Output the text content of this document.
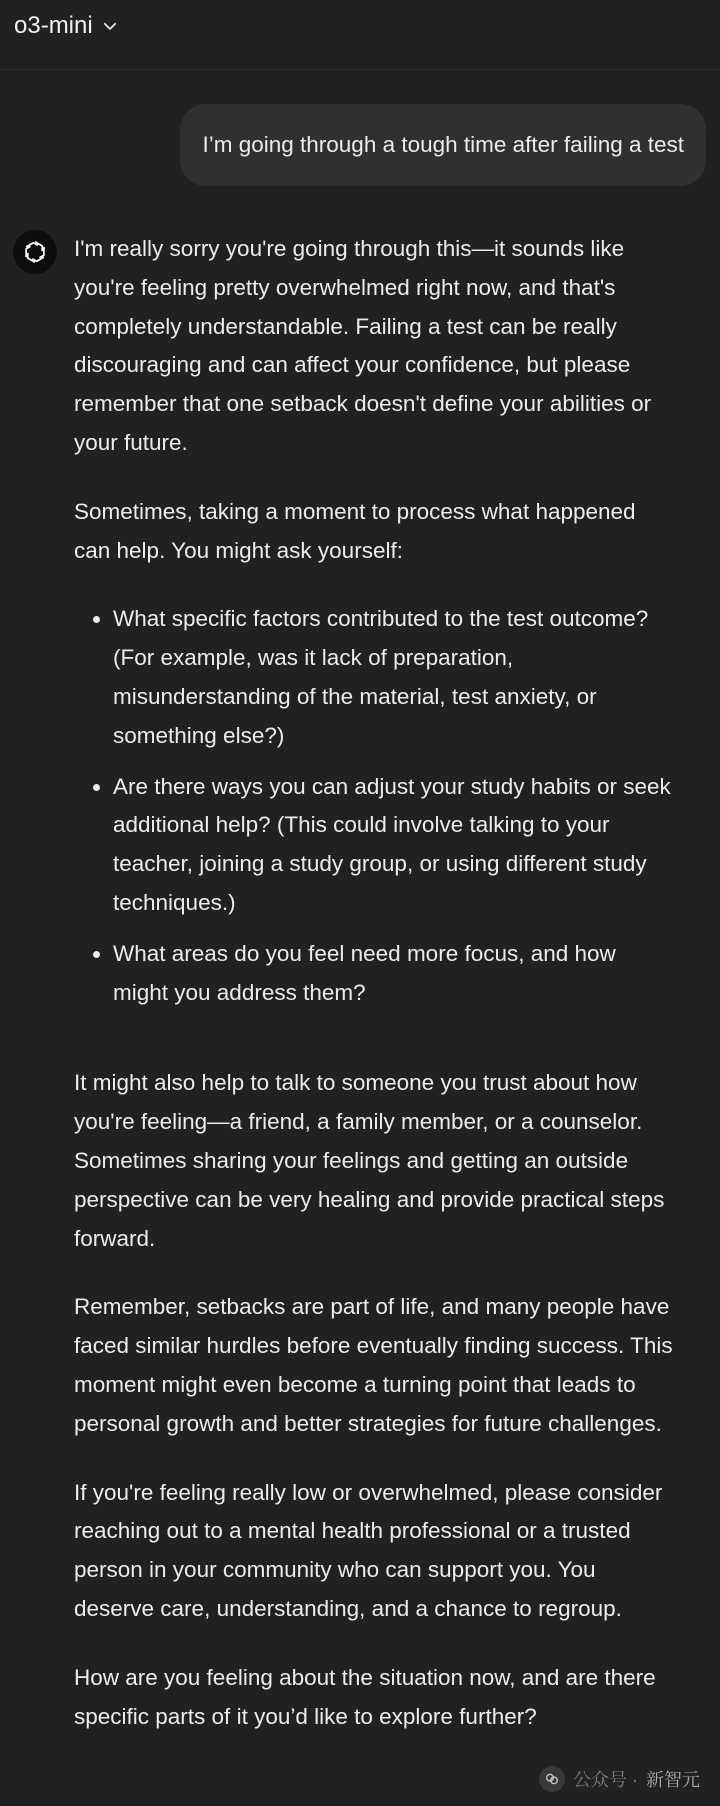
o3-mini
I’m going through a tough time after failing a test

I'm really sorry you're going through this—it sounds like you're feeling pretty overwhelmed right now, and that's completely understandable. Failing a test can be really discouraging and can affect your confidence, but please remember that one setback doesn't define your abilities or your future.

Sometimes, taking a moment to process what happened can help. You might ask yourself:

• What specific factors contributed to the test outcome? (For example, was it lack of preparation, misunderstanding of the material, test anxiety, or something else?)
• Are there ways you can adjust your study habits or seek additional help? (This could involve talking to your teacher, joining a study group, or using different study techniques.)
• What areas do you feel need more focus, and how might you address them?

It might also help to talk to someone you trust about how you're feeling—a friend, a family member, or a counselor. Sometimes sharing your feelings and getting an outside perspective can be very healing and provide practical steps forward.

Remember, setbacks are part of life, and many people have faced similar hurdles before eventually finding success. This moment might even become a turning point that leads to personal growth and better strategies for future challenges.

If you're feeling really low or overwhelmed, please consider reaching out to a mental health professional or a trusted person in your community who can support you. You deserve care, understanding, and a chance to regroup.

How are you feeling about the situation now, and are there specific parts of it you’d like to explore further?

公众号 · 新智元
